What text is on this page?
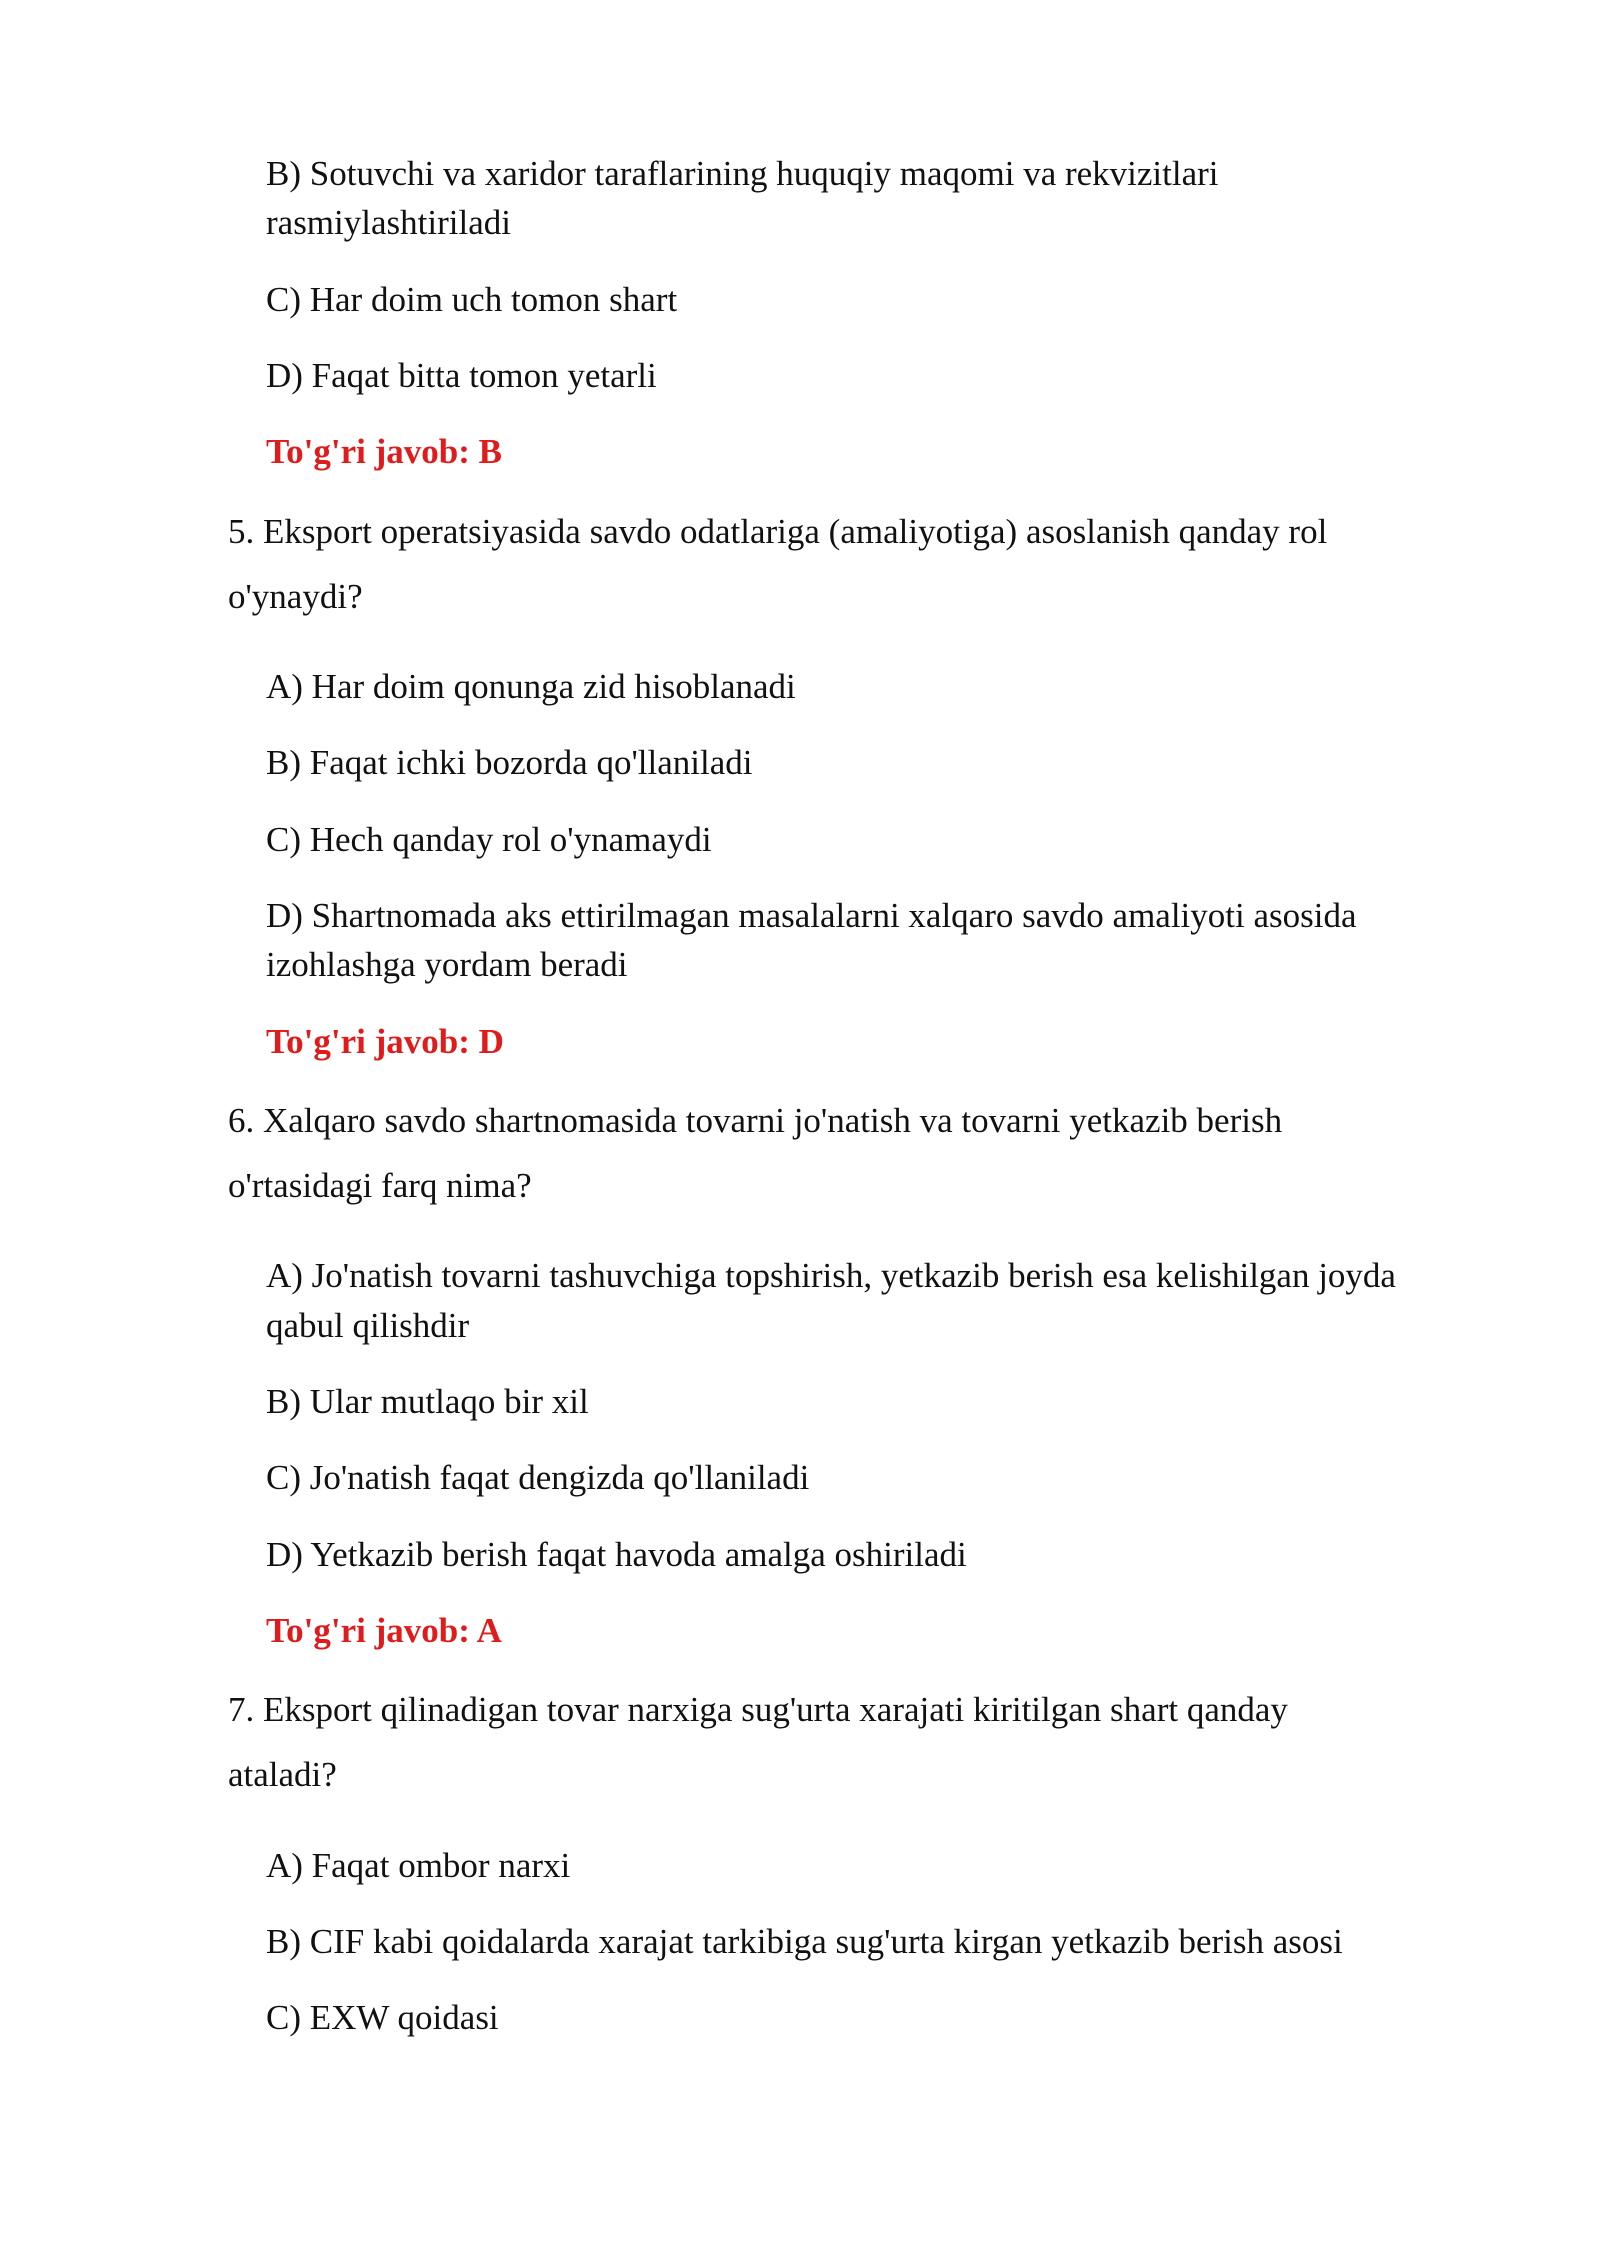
B) Sotuvchi va xaridor taraflarining huquqiy maqomi va rekvizitlari
rasmiylashtiriladi
C) Har doim uch tomon shart
D) Faqat bitta tomon yetarli
To'g'ri javob: B
5. Eksport operatsiyasida savdo odatlariga (amaliyotiga) asoslanish qanday rol
o'ynaydi?
A) Har doim qonunga zid hisoblanadi
B) Faqat ichki bozorda qo'llaniladi
C) Hech qanday rol o'ynamaydi
D) Shartnomada aks ettirilmagan masalalarni xalqaro savdo amaliyoti asosida
izohlashga yordam beradi
To'g'ri javob: D
6. Xalqaro savdo shartnomasida tovarni jo'natish va tovarni yetkazib berish
o'rtasidagi farq nima?
A) Jo'natish tovarni tashuvchiga topshirish, yetkazib berish esa kelishilgan joyda
qabul qilishdir
B) Ular mutlaqo bir xil
C) Jo'natish faqat dengizda qo'llaniladi
D) Yetkazib berish faqat havoda amalga oshiriladi
To'g'ri javob: A
7. Eksport qilinadigan tovar narxiga sug'urta xarajati kiritilgan shart qanday
ataladi?
A) Faqat ombor narxi
B) CIF kabi qoidalarda xarajat tarkibiga sug'urta kirgan yetkazib berish asosi
C) EXW qoidasi
